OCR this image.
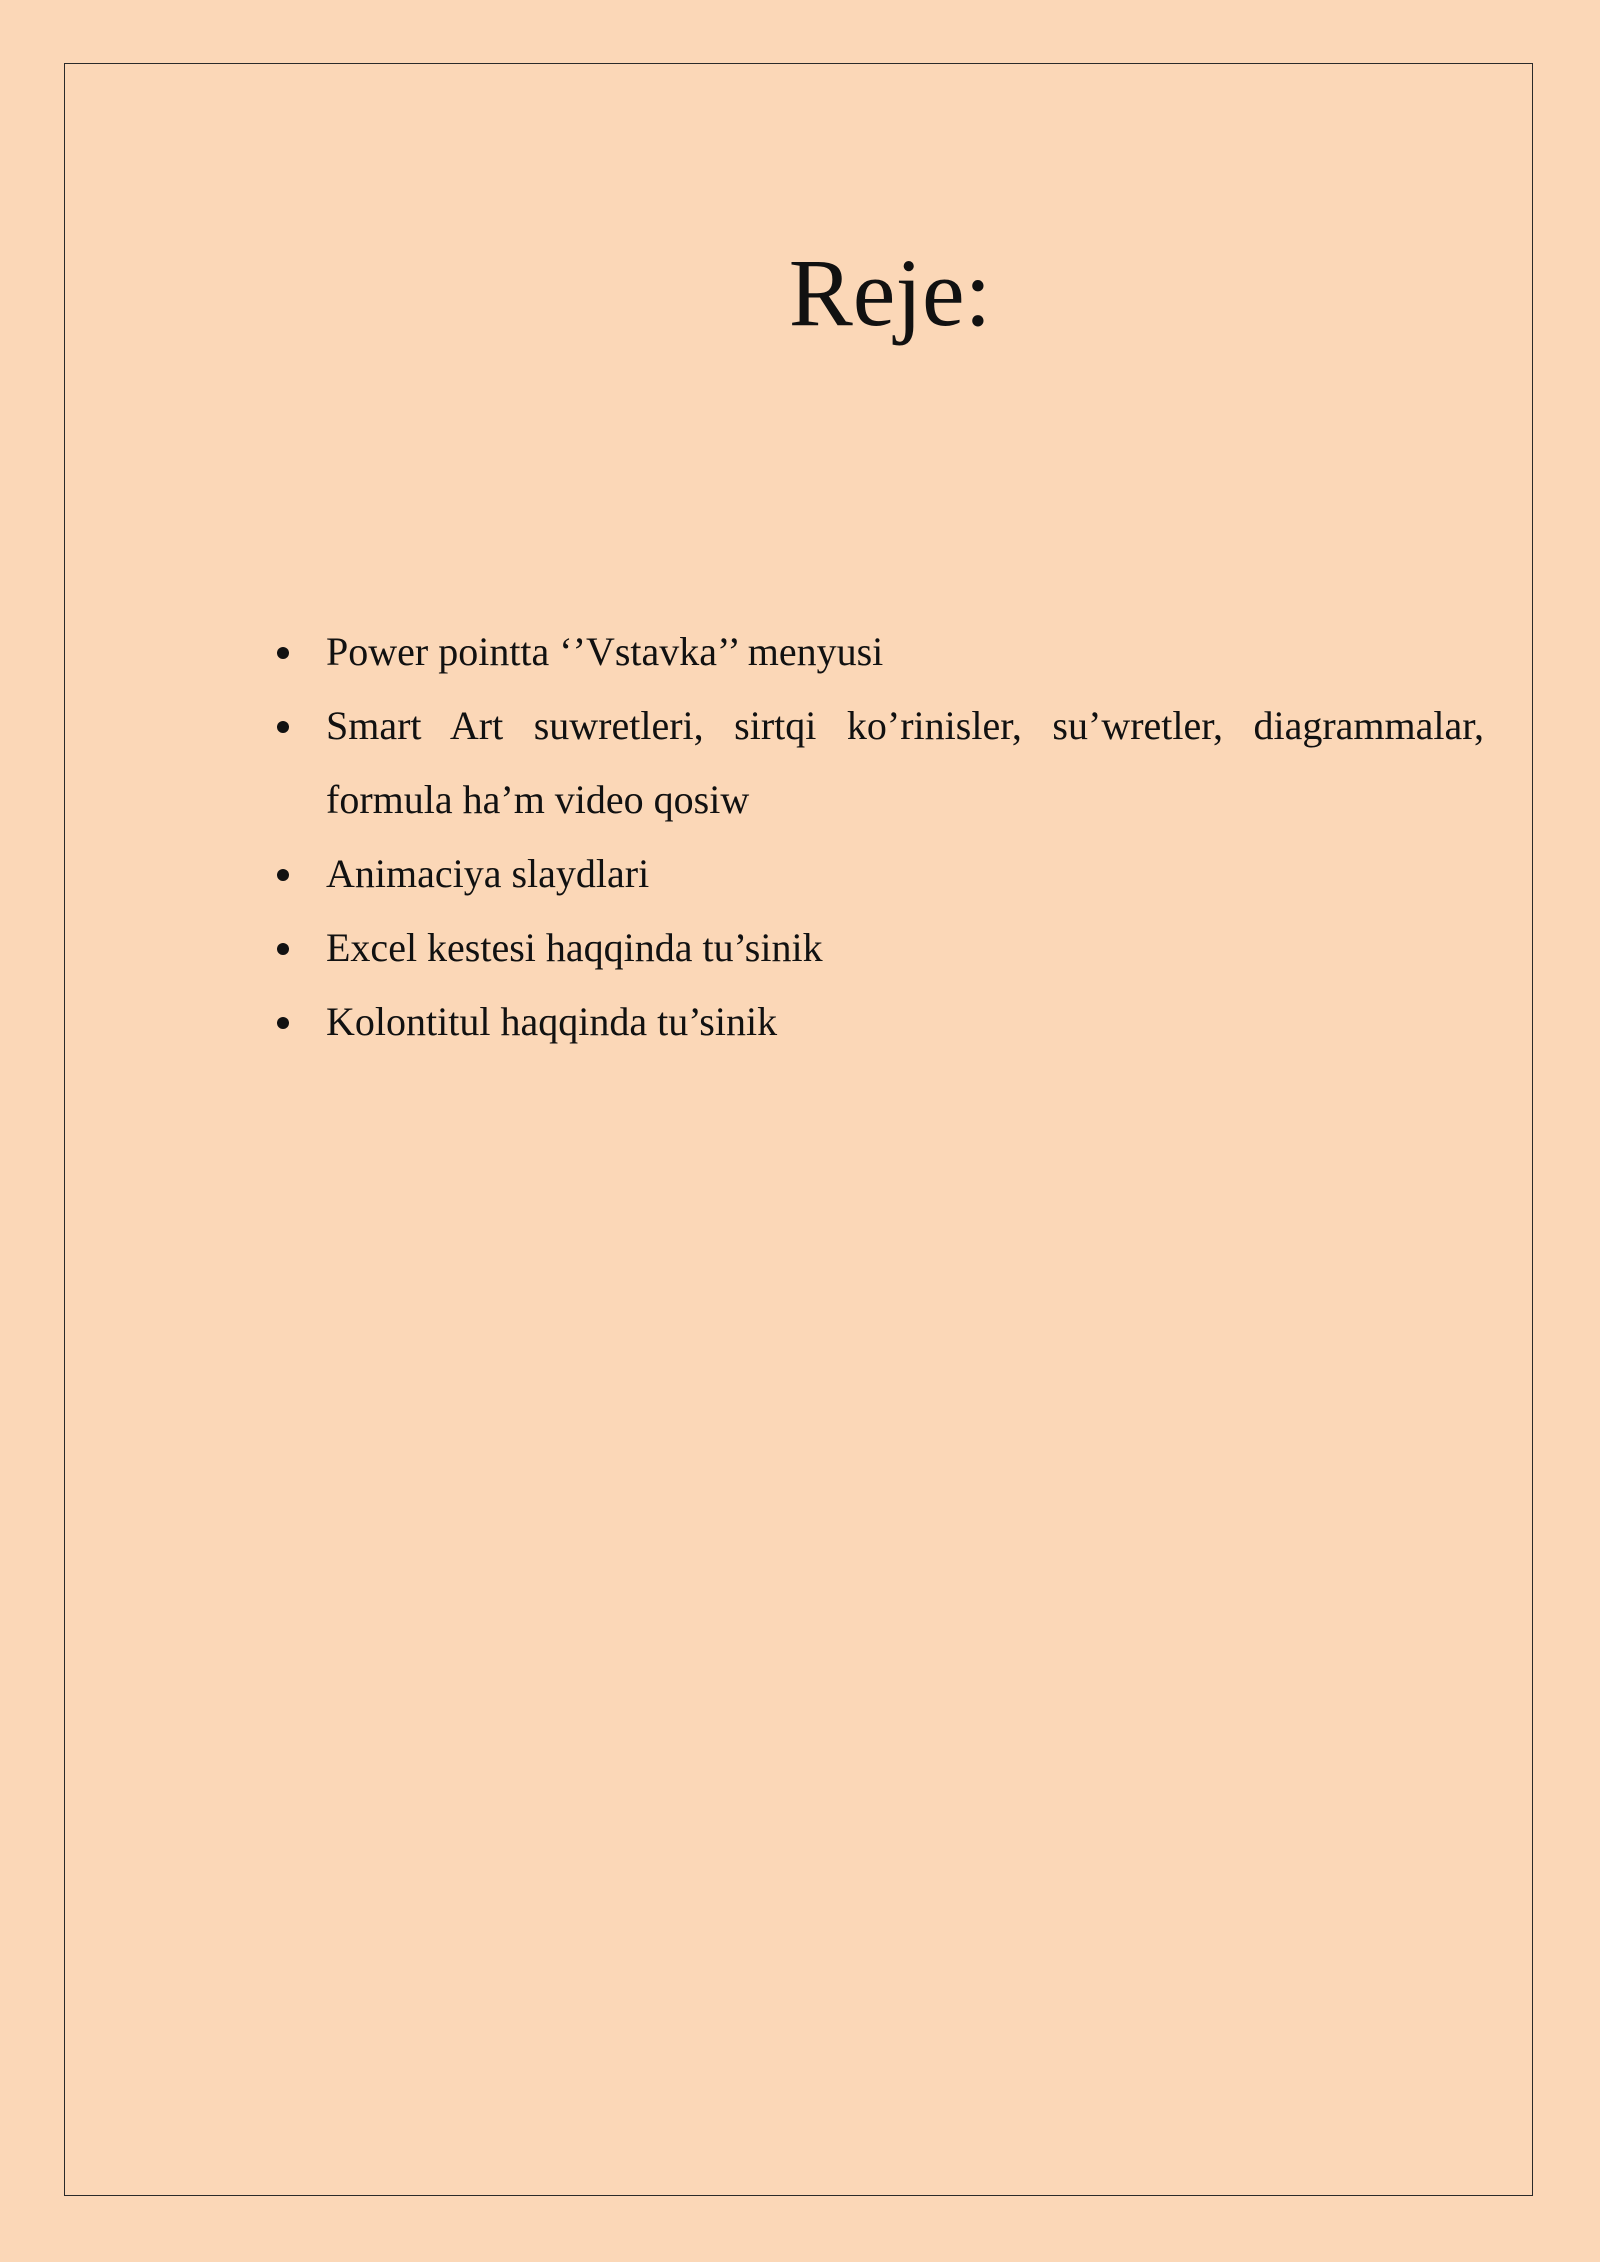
Reje:
Power pointta ‘’Vstavka’’ menyusi
Smart Art suwretleri, sirtqi ko’rinisler, su’wretler, diagrammalar, formula ha’m video qosiw
Animaciya slaydlari
Excel kestesi haqqinda tu’sinik
Kolontitul haqqinda tu’sinik
